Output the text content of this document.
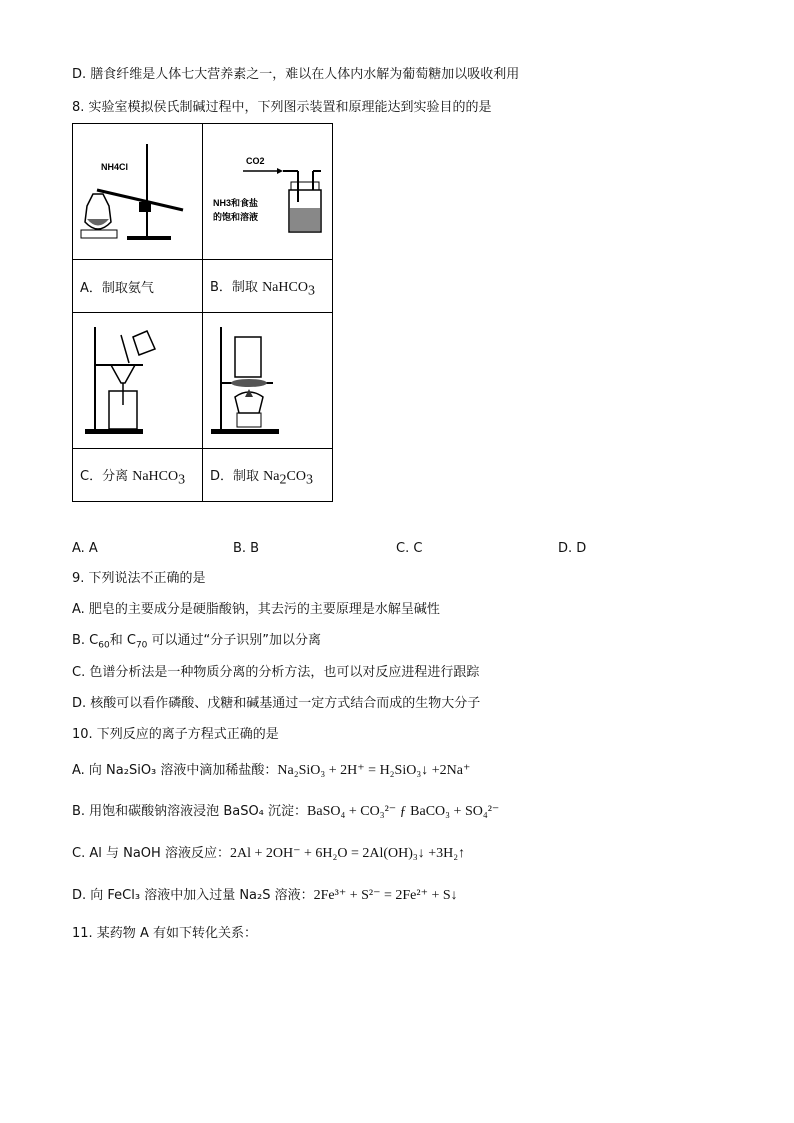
D. 膳食纤维是人体七大营养素之一，难以在人体内水解为葡萄糖加以吸收利用
8. 实验室模拟侯氏制碱过程中，下列图示装置和原理能达到实验目的的是
NH4Cl	CO2
NH3和食盐
的饱和溶液

A．制取氨气	B．制取 NaHCO$_3$

C．分离 NaHCO$_3$	D．制取 $Na_2CO_3$
A. A	B. B	C. C	D. D
9. 下列说法不正确的是
A. 肥皂的主要成分是硬脂酸钠，其去污的主要原理是水解呈碱性
B. $C_{60}$和 $C_{70}$ 可以通过“分子识别”加以分离
C. 色谱分析法是一种物质分离的分析方法，也可以对反应进程进行跟踪
D. 核酸可以看作磷酸、戊糖和碱基通过一定方式结合而成的生物大分子
10. 下列反应的离子方程式正确的是
A. 向 Na₂SiO₃ 溶液中滴加稀盐酸：Na₂SiO₃ + 2H⁺ = H₂SiO₃↓ +2Na⁺
B. 用饱和碳酸钠溶液浸泡 BaSO₄ 沉淀：BaSO₄ + CO₃²⁻ ƒ BaCO₃ + SO₄²⁻
C. Al 与 NaOH 溶液反应：2Al + 2OH⁻ + 6H₂O = 2Al(OH)₃↓ +3H₂↑
D. 向 FeCl₃ 溶液中加入过量 Na₂S 溶液：2Fe³⁺ + S²⁻ = 2Fe²⁺ + S↓
11. 某药物 A 有如下转化关系：
